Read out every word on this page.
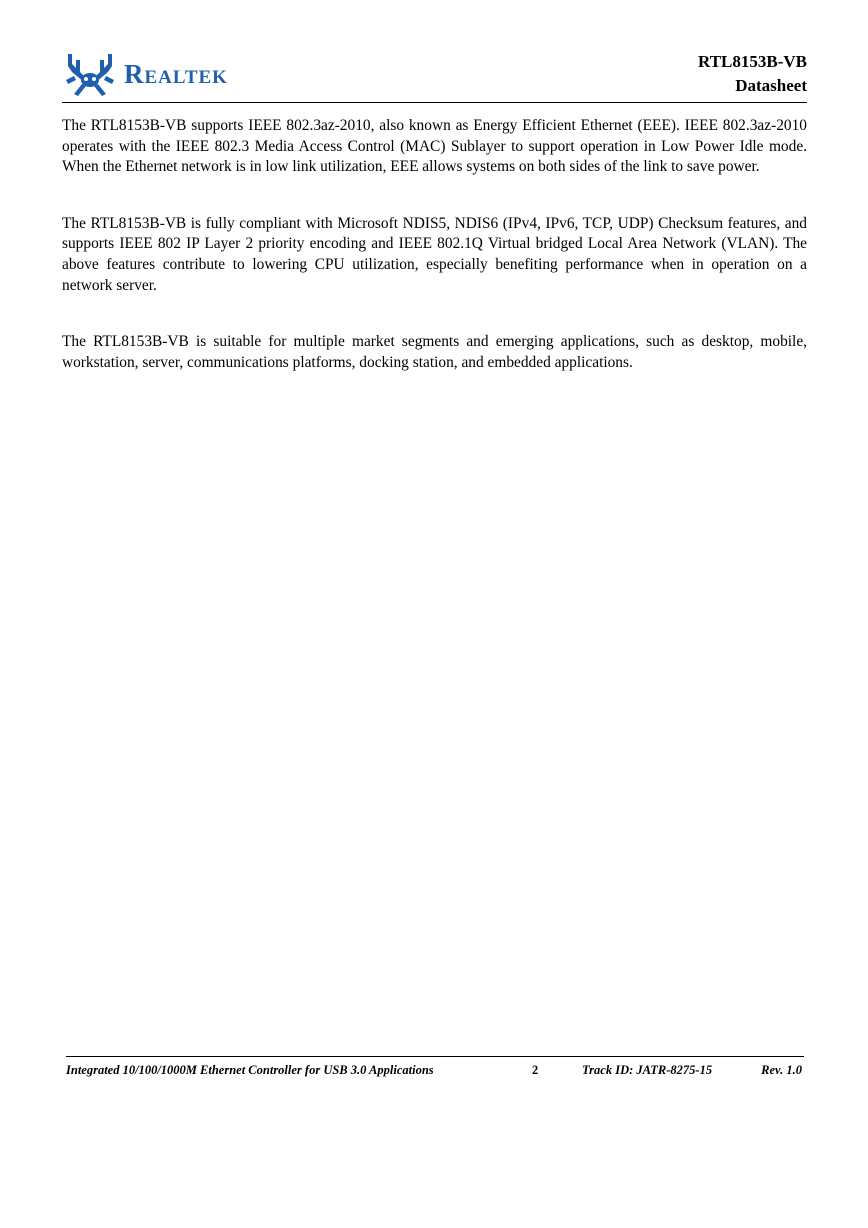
Realtek	RTL8153B-VB
Datasheet

The RTL8153B-VB supports IEEE 802.3az-2010, also known as Energy Efficient Ethernet (EEE). IEEE 802.3az-2010 operates with the IEEE 802.3 Media Access Control (MAC) Sublayer to support operation in Low Power Idle mode. When the Ethernet network is in low link utilization, EEE allows systems on both sides of the link to save power.

The RTL8153B-VB is fully compliant with Microsoft NDIS5, NDIS6 (IPv4, IPv6, TCP, UDP) Checksum features, and supports IEEE 802 IP Layer 2 priority encoding and IEEE 802.1Q Virtual bridged Local Area Network (VLAN). The above features contribute to lowering CPU utilization, especially benefiting performance when in operation on a network server.

The RTL8153B-VB is suitable for multiple market segments and emerging applications, such as desktop, mobile, workstation, server, communications platforms, docking station, and embedded applications.

Integrated 10/100/1000M Ethernet Controller for USB 3.0 Applications	2	Track ID: JATR-8275-15	Rev. 1.0
